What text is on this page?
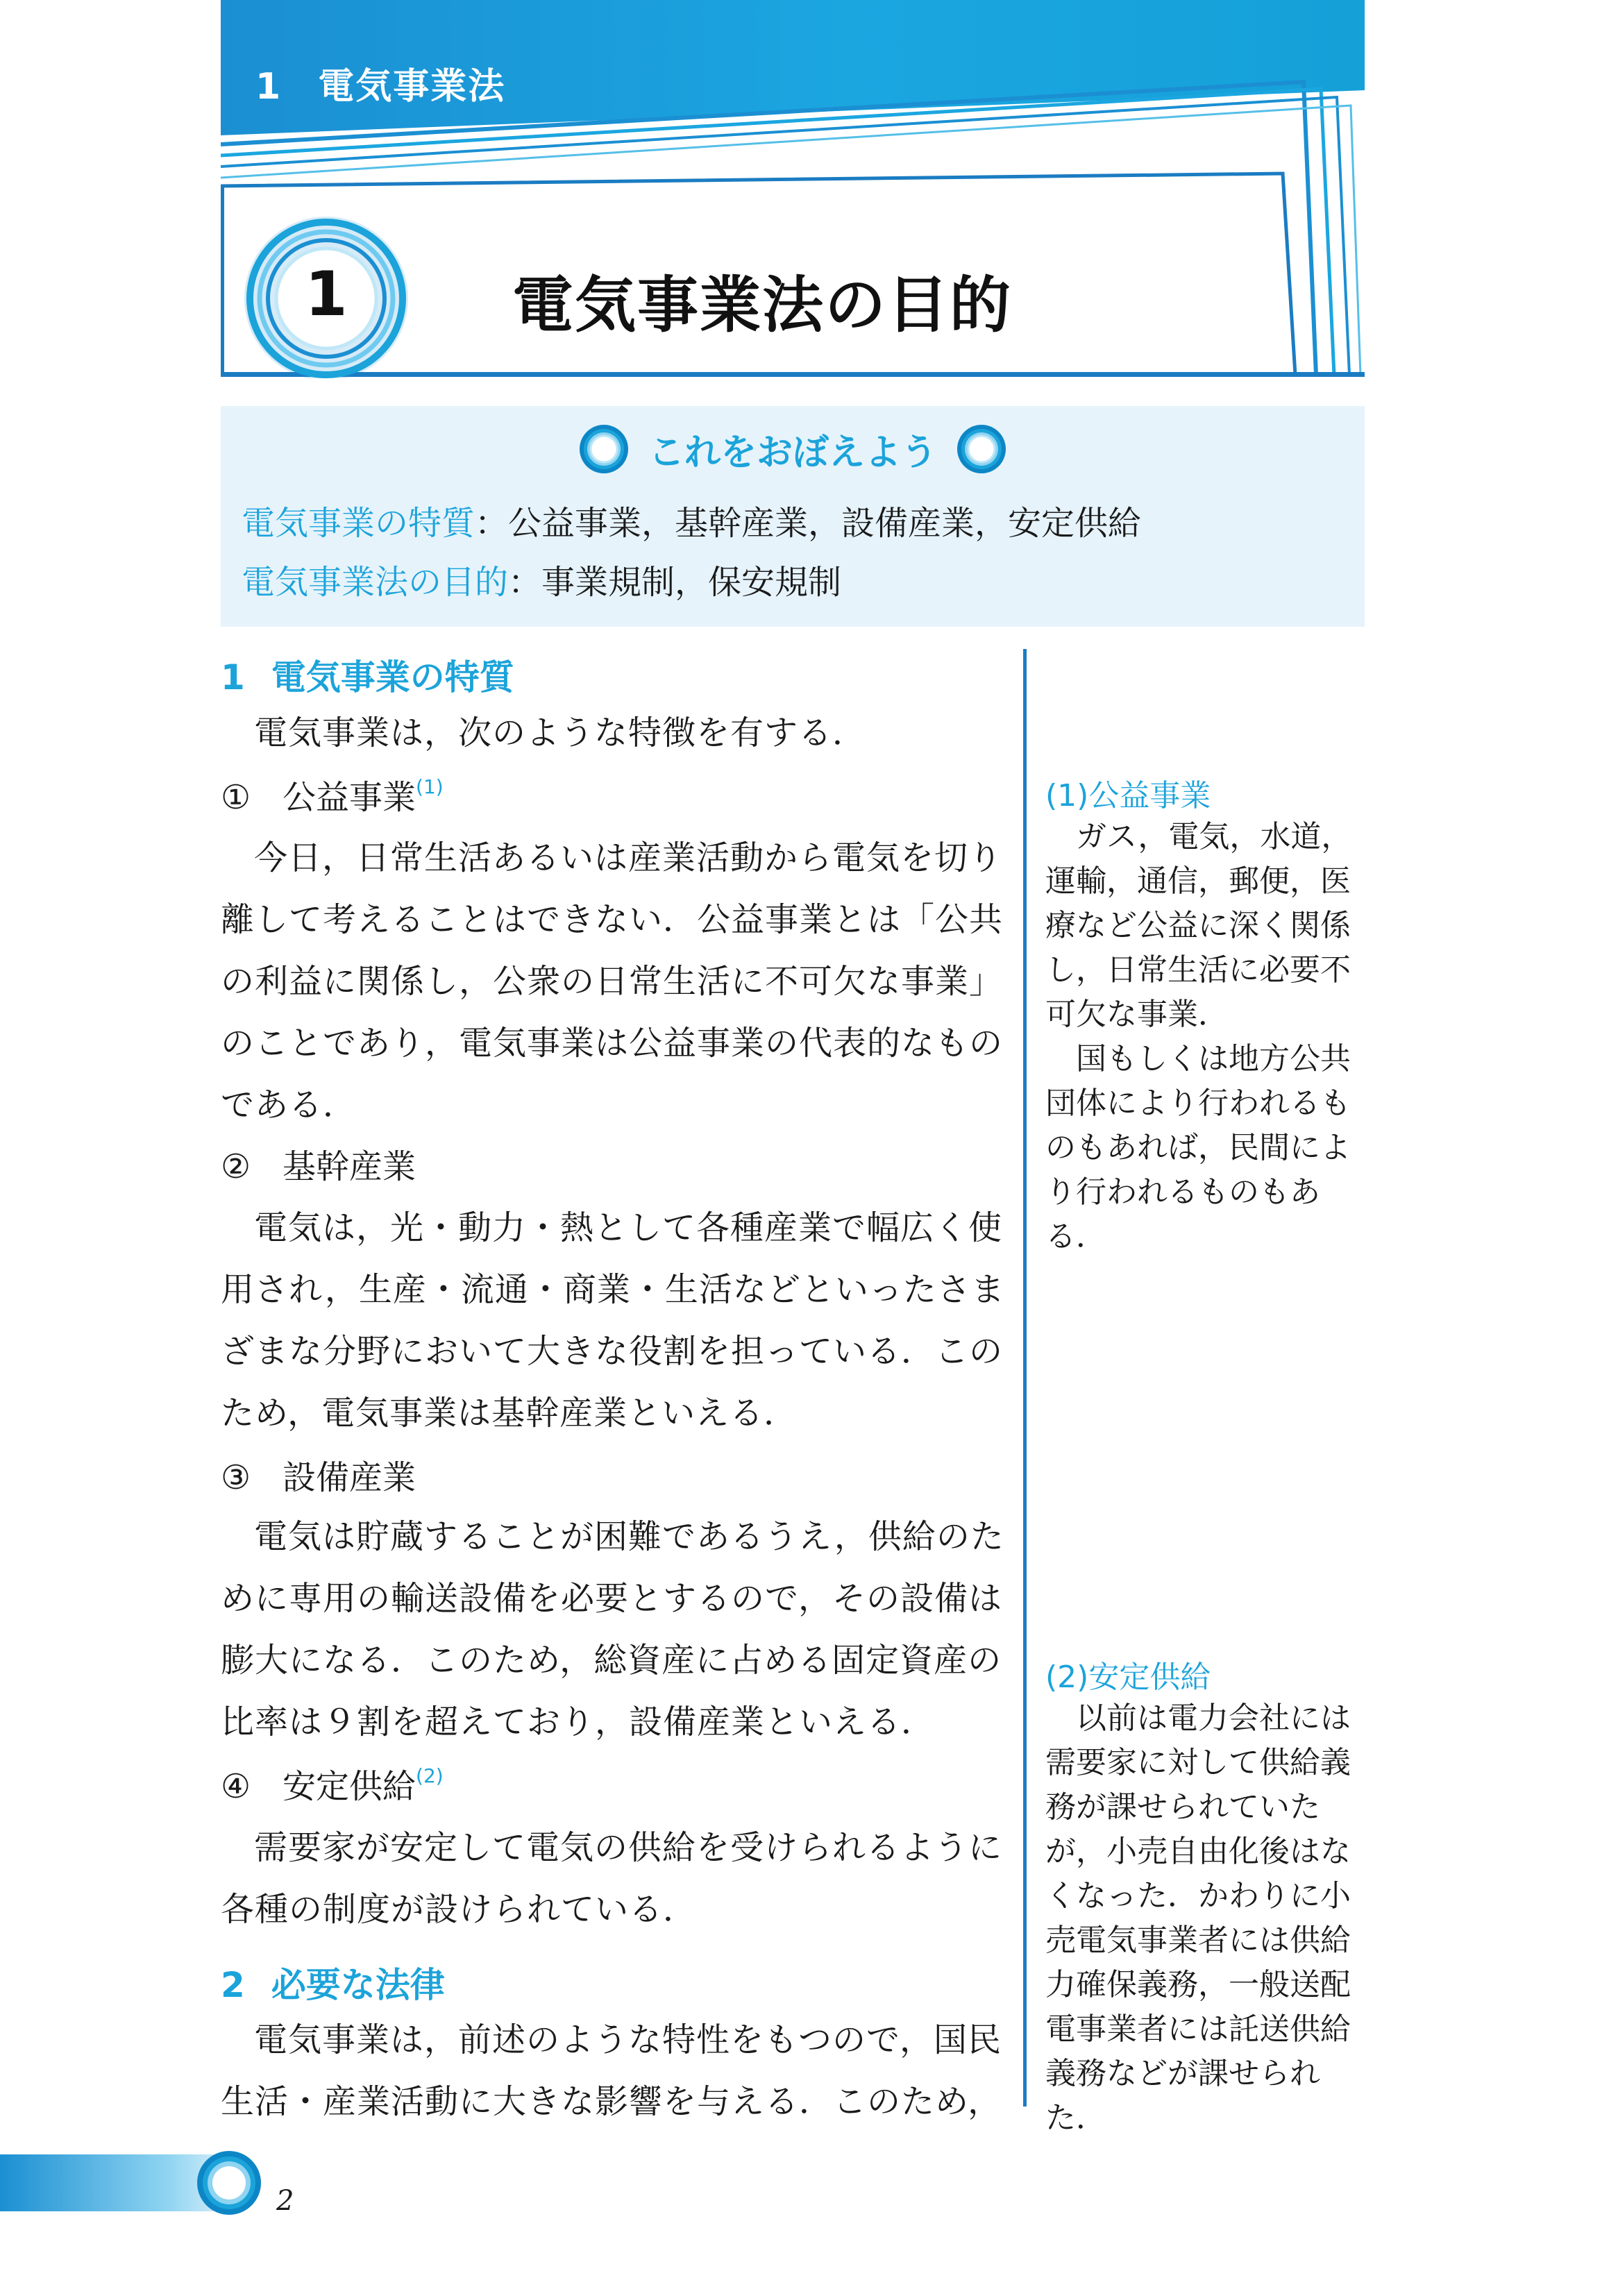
1 電気事業法
1	電気事業法の目的
これをおぼえよう
電気事業の特質：公益事業，基幹産業，設備産業，安定供給
電気事業法の目的：事業規制，保安規制
1 電気事業の特質
電気事業は，次のような特徴を有する．
① 公益事業$^{(1)}$
今日，日常生活あるいは産業活動から電気を切り離して考えることはできない．公益事業とは「公共の利益に関係し，公衆の日常生活に不可欠な事業」のことであり，電気事業は公益事業の代表的なものである．
② 基幹産業
電気は，光・動力・熱として各種産業で幅広く使用され，生産・流通・商業・生活などといったさまざまな分野において大きな役割を担っている．このため，電気事業は基幹産業といえる．
③ 設備産業
電気は貯蔵することが困難であるうえ，供給のために専用の輸送設備を必要とするので，その設備は膨大になる．このため，総資産に占める固定資産の比率は９割を超えており，設備産業といえる．
④ 安定供給$^{(2)}$
需要家が安定して電気の供給を受けられるように各種の制度が設けられている．
2 必要な法律
電気事業は，前述のような特性をもつので，国民生活・産業活動に大きな影響を与える．このため，
(1)公益事業
ガス，電気，水道，運輸，通信，郵便，医療など公益に深く関係し，日常生活に必要不可欠な事業．
国もしくは地方公共団体により行われるものもあれば，民間により行われるものもある．
(2)安定供給
以前は電力会社には需要家に対して供給義務が課せられていたが，小売自由化後はなくなった．かわりに小売電気事業者には供給力確保義務，一般送配電事業者には託送供給義務などが課せられた．
2
